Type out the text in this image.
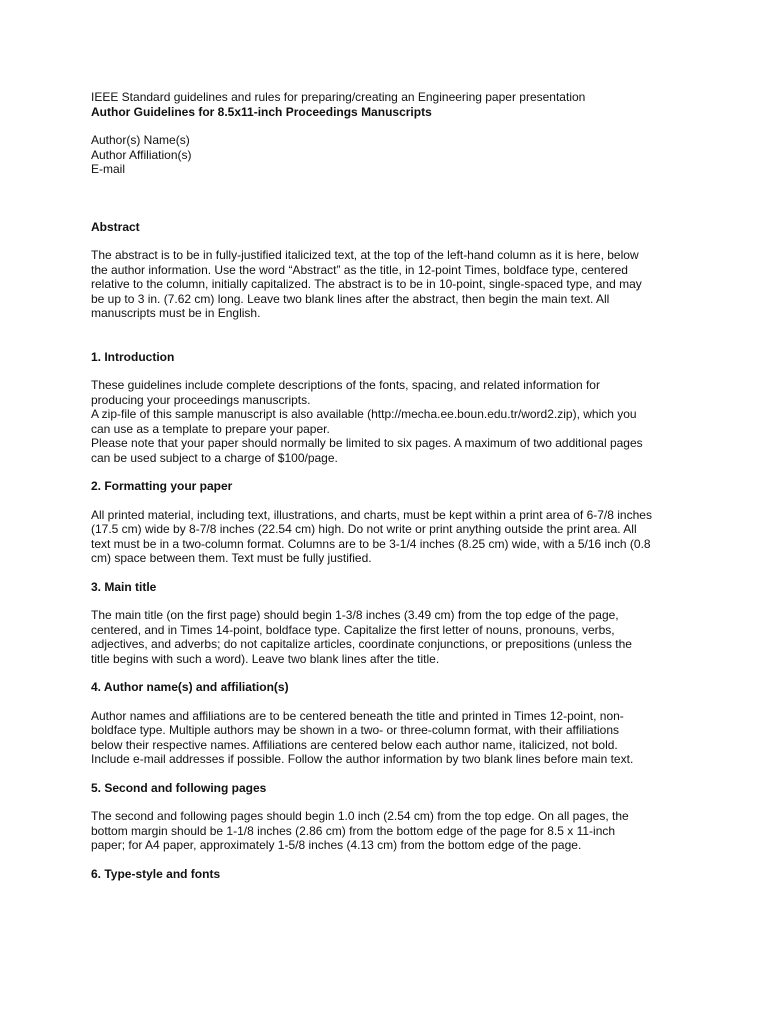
IEEE Standard guidelines and rules for preparing/creating an Engineering paper presentation
Author Guidelines for 8.5x11-inch Proceedings Manuscripts
Author(s) Name(s)
Author Affiliation(s)
E-mail
Abstract
The abstract is to be in fully-justified italicized text, at the top of the left-hand column as it is here, below
the author information. Use the word “Abstract” as the title, in 12-point Times, boldface type, centered
relative to the column, initially capitalized. The abstract is to be in 10-point, single-spaced type, and may
be up to 3 in. (7.62 cm) long. Leave two blank lines after the abstract, then begin the main text. All
manuscripts must be in English.
1. Introduction
These guidelines include complete descriptions of the fonts, spacing, and related information for
producing your proceedings manuscripts.
A zip-file of this sample manuscript is also available (http://mecha.ee.boun.edu.tr/word2.zip), which you
can use as a template to prepare your paper.
Please note that your paper should normally be limited to six pages. A maximum of two additional pages
can be used subject to a charge of $100/page.
2. Formatting your paper
All printed material, including text, illustrations, and charts, must be kept within a print area of 6-7/8 inches
(17.5 cm) wide by 8-7/8 inches (22.54 cm) high. Do not write or print anything outside the print area. All
text must be in a two-column format. Columns are to be 3-1/4 inches (8.25 cm) wide, with a 5/16 inch (0.8
cm) space between them. Text must be fully justified.
3. Main title
The main title (on the first page) should begin 1-3/8 inches (3.49 cm) from the top edge of the page,
centered, and in Times 14-point, boldface type. Capitalize the first letter of nouns, pronouns, verbs,
adjectives, and adverbs; do not capitalize articles, coordinate conjunctions, or prepositions (unless the
title begins with such a word). Leave two blank lines after the title.
4. Author name(s) and affiliation(s)
Author names and affiliations are to be centered beneath the title and printed in Times 12-point, non-
boldface type. Multiple authors may be shown in a two- or three-column format, with their affiliations
below their respective names. Affiliations are centered below each author name, italicized, not bold.
Include e-mail addresses if possible. Follow the author information by two blank lines before main text.
5. Second and following pages
The second and following pages should begin 1.0 inch (2.54 cm) from the top edge. On all pages, the
bottom margin should be 1-1/8 inches (2.86 cm) from the bottom edge of the page for 8.5 x 11-inch
paper; for A4 paper, approximately 1-5/8 inches (4.13 cm) from the bottom edge of the page.
6. Type-style and fonts
